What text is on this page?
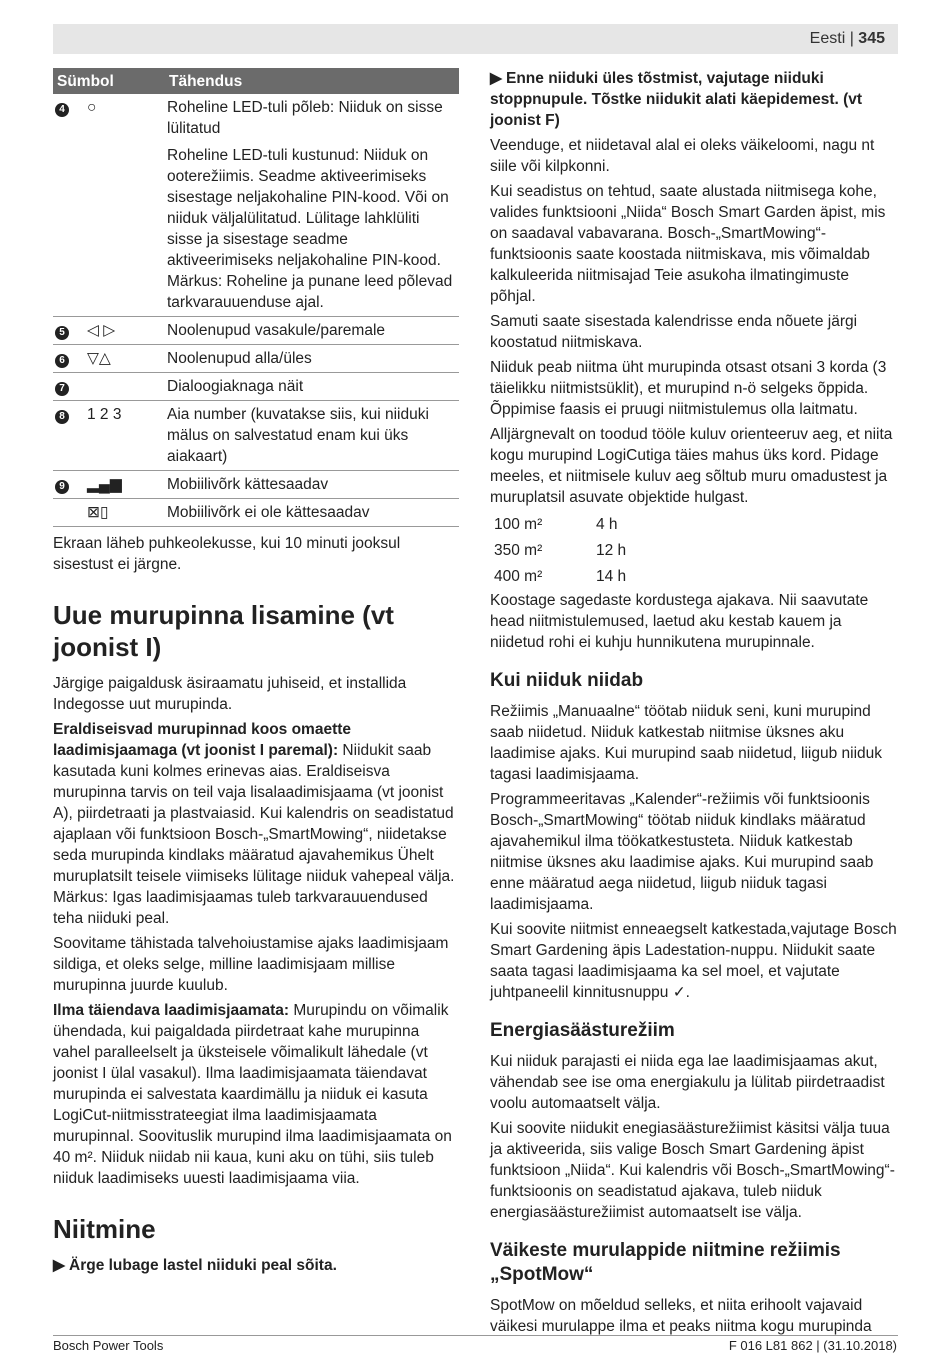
Eesti | 345
Sümbol		Tähendus
4	○	Roheline LED-tuli põleb: Niiduk on sisse lülitatud
		Roheline LED-tuli kustunud: Niiduk on ooterežiimis. Seadme aktiveerimiseks sisestage neljakohaline PIN-kood. Või on niiduk väljalülitatud. Lülitage lahklüliti sisse ja sisestage seadme aktiveerimiseks neljakohaline PIN-kood. Märkus: Roheline ja punane leed põlevad tarkvarauuenduse ajal.
5	◁ ▷	Noolenupud vasakule/paremale
6	▽△	Noolenupud alla/üles
7		Dialoogiaknaga näit
8	1 2 3	Aia number (kuvatakse siis, kui niiduki mälus on salvestatud enam kui üks aiakaart)
9	▂▄▆	Mobiilivõrk kättesaadav
	⊠▯	Mobiilivõrk ei ole kättesaadav

Ekraan läheb puhkeolekusse, kui 10 minuti jooksul sisestust ei järgne.

Uue murupinna lisamine (vt joonist I)

Järgige paigaldusk äsiraamatu juhiseid, et installida Indegosse uut murupinda.

Eraldiseisvad murupinnad koos omaette laadimisjaamaga (vt joonist I paremal): Niidukit saab kasutada kuni kolmes erinevas aias. Eraldiseisva murupinna tarvis on teil vaja lisalaadimisjaama (vt joonist A), piirdetraati ja plastvaiasid. Kui kalendris on seadistatud ajaplaan või funktsioon Bosch-„SmartMowing“, niidetakse seda murupinda kindlaks määratud ajavahemikus Ühelt muruplatsilt teisele viimiseks lülitage niiduk vahepeal välja. Märkus: Igas laadimisjaamas tuleb tarkvarauuendused teha niiduki peal.

Soovitame tähistada talvehoiustamise ajaks laadimisjaam sildiga, et oleks selge, milline laadimisjaam millise murupinna juurde kuulub.

Ilma täiendava laadimisjaamata: Murupindu on võimalik ühendada, kui paigaldada piirdetraat kahe murupinna vahel paralleelselt ja üksteisele võimalikult lähedale (vt joonist I ülal vasakul). Ilma laadimisjaamata täiendavat murupinda ei salvestata kaardimällu ja niiduk ei kasuta LogiCut-niitmisstrateegiat ilma laadimisjaamata murupinnal. Soovituslik murupind ilma laadimisjaamata on 40 m². Niiduk niidab nii kaua, kuni aku on tühi, siis tuleb niiduk laadimiseks uuesti laadimisjaama viia.

Niitmine

▶ Ärge lubage lastel niiduki peal sõita.

▶ Enne niiduki üles tõstmist, vajutage niiduki stoppnupule. Tõstke niidukit alati käepidemest. (vt joonist F)

Veenduge, et niidetaval alal ei oleks väikeloomi, nagu nt siile või kilpkonni.

Kui seadistus on tehtud, saate alustada niitmisega kohe, valides funktsiooni „Niida“ Bosch Smart Garden äpist, mis on saadaval vabavarana. Bosch-„SmartMowing“-funktsioonis saate koostada niitmiskava, mis võimaldab kalkuleerida niitmisajad Teie asukoha ilmatingimuste põhjal.

Samuti saate sisestada kalendrisse enda nõuete järgi koostatud niitmiskava.

Niiduk peab niitma üht murupinda otsast otsani 3 korda (3 täielikku niitmistsüklit), et murupind n-ö selgeks õppida. Õppimise faasis ei pruugi niitmistulemus olla laitmatu.

Alljärgnevalt on toodud tööle kuluv orienteeruv aeg, et niita kogu murupind LogiCutiga täies mahus üks kord. Pidage meeles, et niitmisele kuluv aeg sõltub muru omadustest ja muruplatsil asuvate objektide hulgast.

100 m²	4 h
350 m²	12 h
400 m²	14 h

Koostage sagedaste kordustega ajakava. Nii saavutate head niitmistulemused, laetud aku kestab kauem ja niidetud rohi ei kuhju hunnikutena murupinnale.

Kui niiduk niidab

Režiimis „Manuaalne“ töötab niiduk seni, kuni murupind saab niidetud. Niiduk katkestab niitmise üksnes aku laadimise ajaks. Kui murupind saab niidetud, liigub niiduk tagasi laadimisjaama.

Programmeeritavas „Kalender“-režiimis või funktsioonis Bosch-„SmartMowing“ töötab niiduk kindlaks määratud ajavahemikul ilma töökatkestusteta. Niiduk katkestab niitmise üksnes aku laadimise ajaks. Kui murupind saab enne määratud aega niidetud, liigub niiduk tagasi laadimisjaama.

Kui soovite niitmist enneaegselt katkestada,vajutage Bosch Smart Gardening äpis Ladestation-nuppu. Niidukit saate saata tagasi laadimisjaama ka sel moel, et vajutate juhtpaneelil kinnitusnuppu ✓.

Energiasäästurežiim

Kui niiduk parajasti ei niida ega lae laadimisjaamas akut, vähendab see ise oma energiakulu ja lülitab piirdetraadist voolu automaatselt välja.

Kui soovite niidukit enegiasäästurežiimist käsitsi välja tuua ja aktiveerida, siis valige Bosch Smart Gardening äpist funktsioon „Niida“. Kui kalendris või Bosch-„SmartMowing“-funktsioonis on seadistatud ajakava, tuleb niiduk energiasäästurežiimist automaatselt ise välja.

Väikeste murulappide niitmine režiimis „SpotMow“

SpotMow on mõeldud selleks, et niita erihoolt vajavaid väikesi murulappe ilma et peaks niitma kogu murupinda

Bosch Power Tools	F 016 L81 862 | (31.10.2018)
